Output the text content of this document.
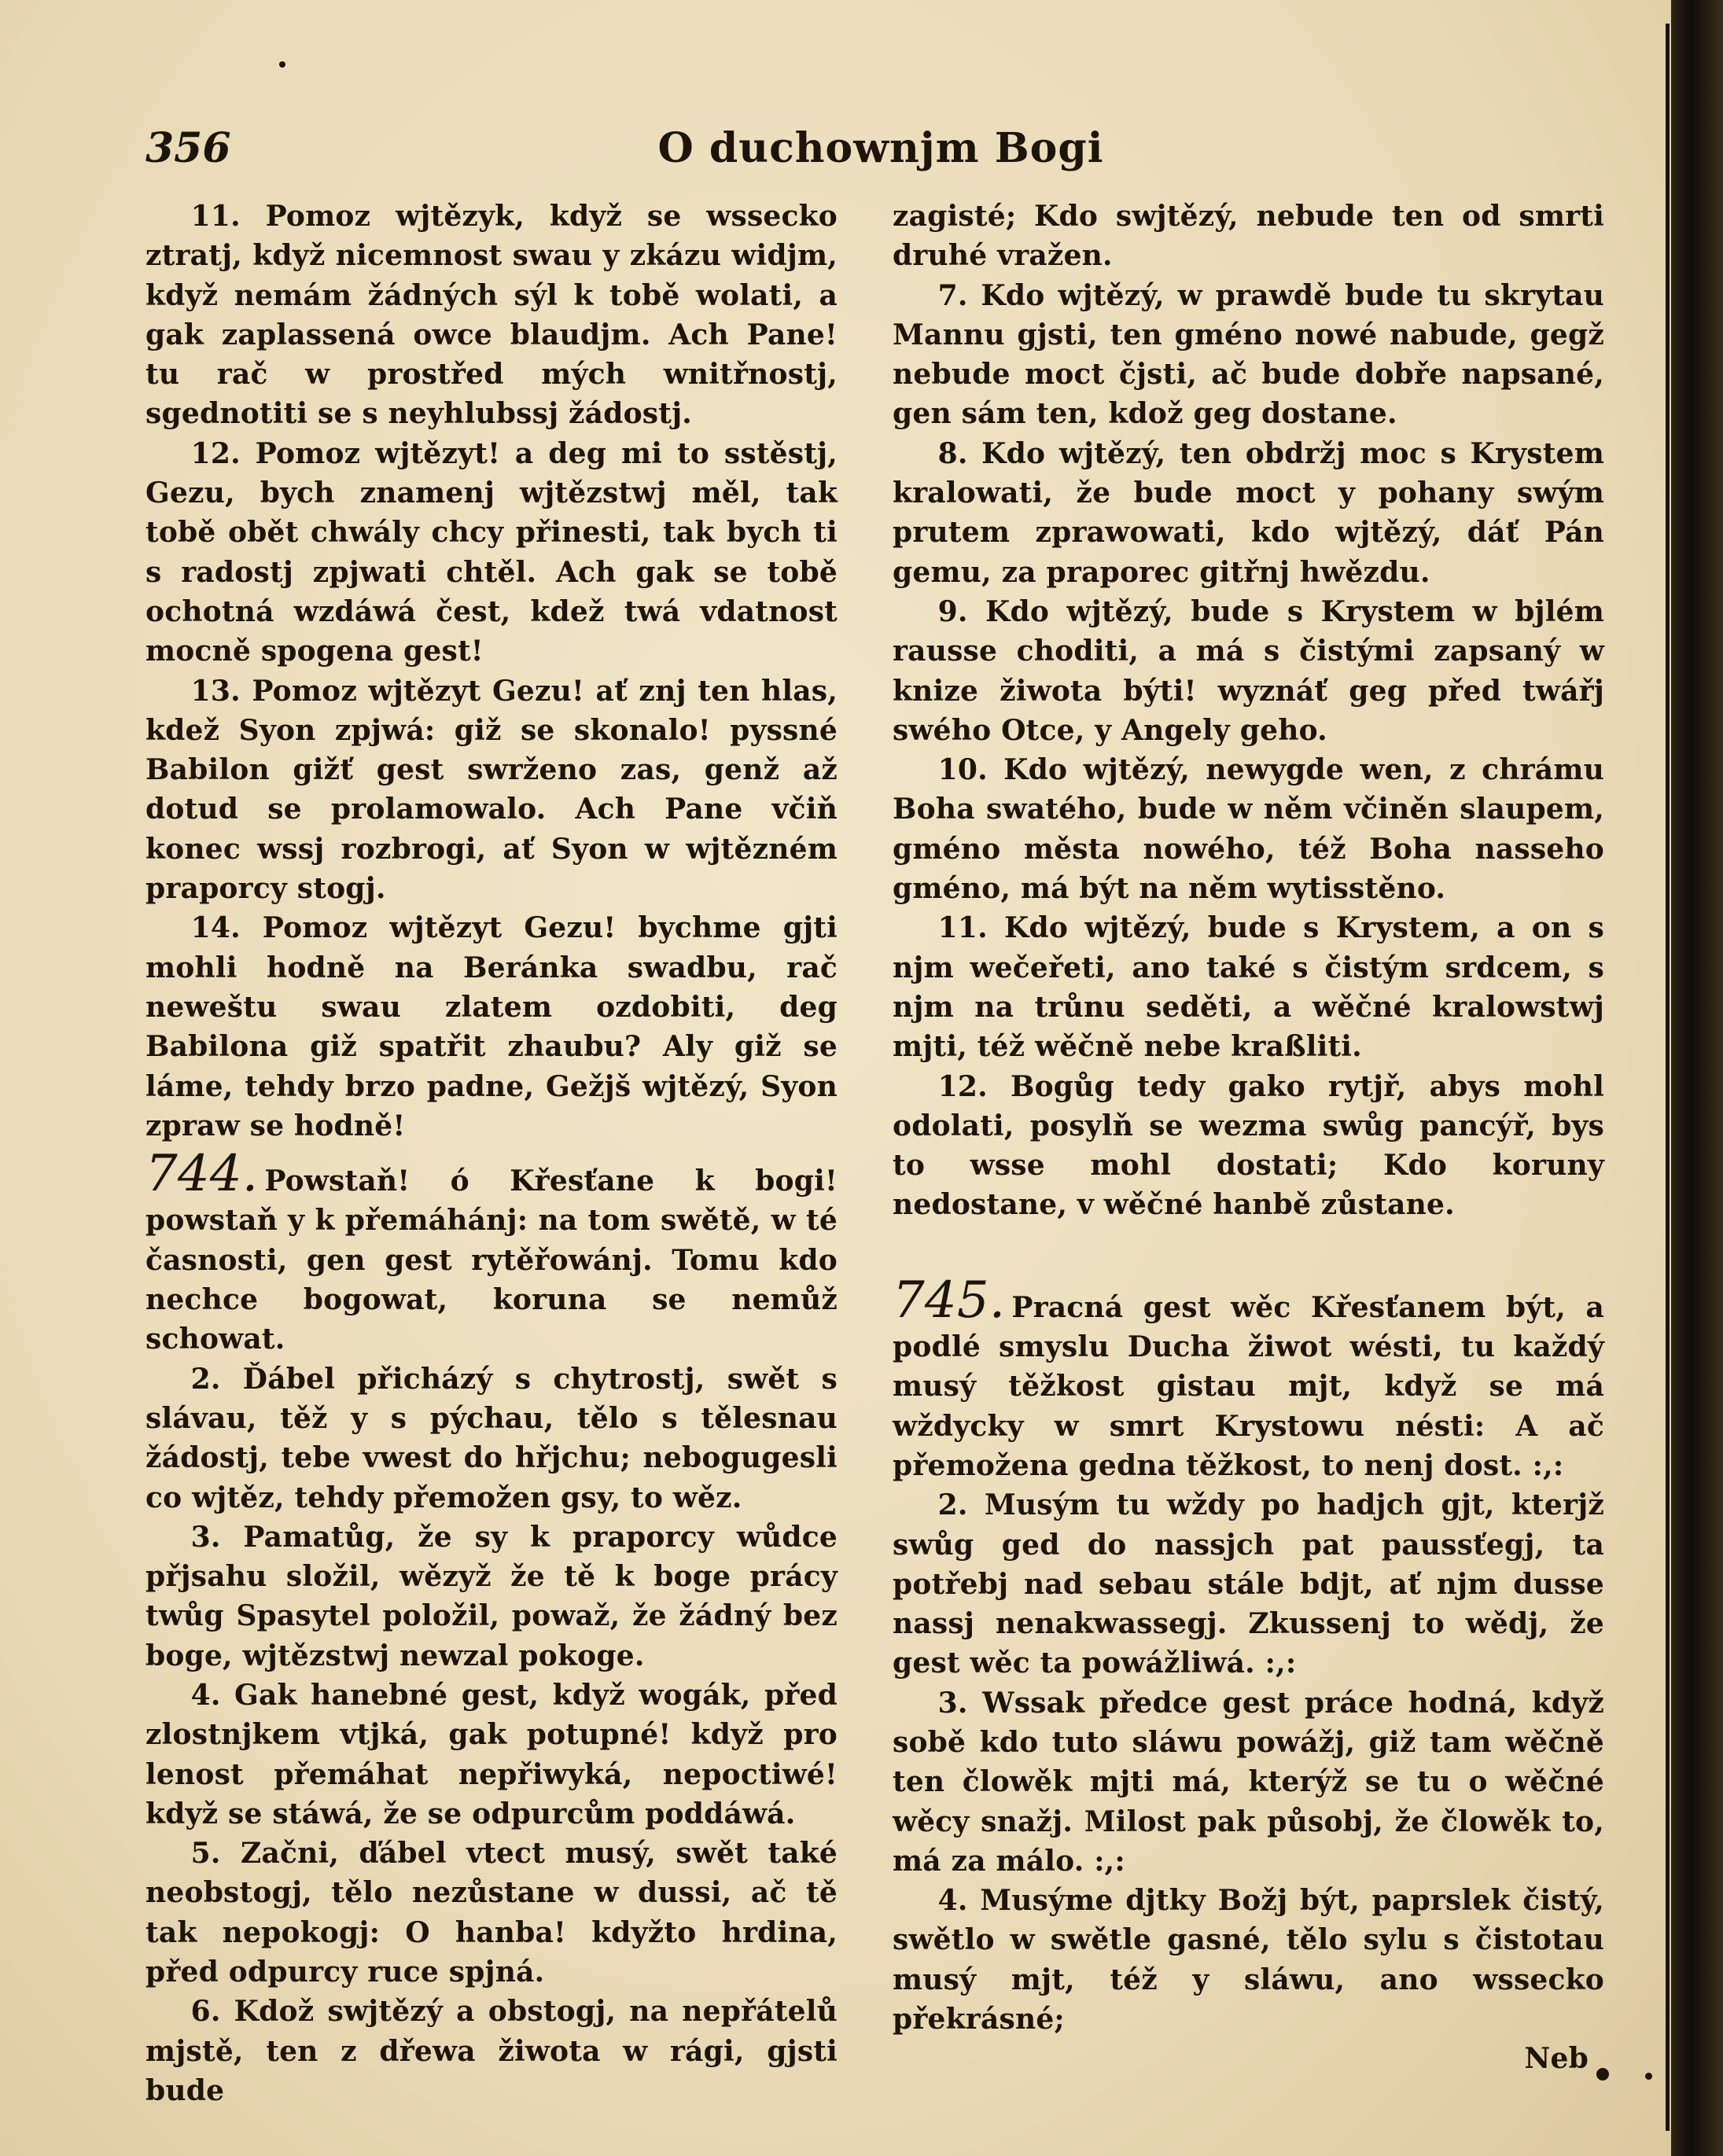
356	O duchownjm Bogi

11. Pomoz wjtězyk, když se wssecko ztratj, když nicemnost swau y zkázu widjm, když nemám žádných sýl k tobě wolati, a gak zaplassená owce blaudjm. Ach Pane! tu rač w prostřed mých wnitřnostj, sgednotiti se s neyhlubssj žádostj.

12. Pomoz wjtězyt! a deg mi to sstěstj, Gezu, bych znamenj wjtězstwj měl, tak tobě obět chwály chcy přinesti, tak bych ti s radostj zpjwati chtěl. Ach gak se tobě ochotná wzdáwá čest, kdež twá vdatnost mocně spogena gest!

13. Pomoz wjtězyt Gezu! ať znj ten hlas, kdež Syon zpjwá: giž se skonalo! pyssné Babilon gižť gest swrženo zas, genž až dotud se prolamowalo. Ach Pane včiň konec wssj rozbrogi, ať Syon w wjtězném praporcy stogj.

14. Pomoz wjtězyt Gezu! bychme gjti mohli hodně na Beránka swadbu, rač neweštu swau zlatem ozdobiti, deg Babilona giž spatřit zhaubu? Aly giž se láme, tehdy brzo padne, Gežjš wjtězý, Syon zpraw se hodně!

744. Powstaň! ó Křesťane k bogi! powstaň y k přemáhánj: na tom swětě, w té časnosti, gen gest rytěřowánj. Tomu kdo nechce bogowat, koruna se nemůž schowat.

2. Ďábel přicházý s chytrostj, swět s slávau, těž y s pýchau, tělo s tělesnau žádostj, tebe vwest do hřjchu; nebogugesli co wjtěz, tehdy přemožen gsy, to wěz.

3. Pamatůg, že sy k praporcy wůdce přjsahu složil, wězyž že tě k boge prácy twůg Spasytel položil, powaž, že žádný bez boge, wjtězstwj newzal pokoge.

4. Gak hanebné gest, když wogák, před zlostnjkem vtjká, gak potupné! když pro lenost přemáhat nepřiwyká, nepoctiwé! když se stáwá, že se odpurcům poddáwá.

5. Začni, ďábel vtect musý, swět také neobstogj, tělo nezůstane w dussi, ač tě tak nepokogj: O hanba! kdyžto hrdina, před odpurcy ruce spjná.

6. Kdož swjtězý a obstogj, na nepřátelů mjstě, ten z dřewa žiwota w rági, gjsti bude

zagisté; Kdo swjtězý, nebude ten od smrti druhé vražen.

7. Kdo wjtězý, w prawdě bude tu skrytau Mannu gjsti, ten gméno nowé nabude, gegž nebude moct čjsti, ač bude dobře napsané, gen sám ten, kdož geg dostane.

8. Kdo wjtězý, ten obdržj moc s Krystem kralowati, že bude moct y pohany swým prutem zprawowati, kdo wjtězý, dáť Pán gemu, za praporec gitřnj hwězdu.

9. Kdo wjtězý, bude s Krystem w bjlém rausse choditi, a má s čistými zapsaný w knize žiwota býti! wyznáť geg před twářj swého Otce, y Angely geho.

10. Kdo wjtězý, newygde wen, z chrámu Boha swatého, bude w něm včiněn slaupem, gméno města nowého, též Boha nasseho gméno, má být na něm wytisstěno.

11. Kdo wjtězý, bude s Krystem, a on s njm wečeřeti, ano také s čistým srdcem, s njm na trůnu seděti, a wěčné kralowstwj mjti, též wěčně nebe kraßliti.

12. Bogůg tedy gako rytjř, abys mohl odolati, posylň se wezma swůg pancýř, bys to wsse mohl dostati; Kdo koruny nedostane, v wěčné hanbě zůstane.

745. Pracná gest wěc Křesťanem být, a podlé smyslu Ducha žiwot wésti, tu každý musý těžkost gistau mjt, když se má wždycky w smrt Krystowu nésti: A ač přemožena gedna těžkost, to nenj dost. :,:

2. Musým tu wždy po hadjch gjt, kterjž swůg ged do nassjch pat paussťegj, ta potřebj nad sebau stále bdjt, ať njm dusse nassj nenakwassegj. Zkussenj to wědj, že gest wěc ta powážliwá. :,:

3. Wssak předce gest práce hodná, když sobě kdo tuto sláwu powážj, giž tam wěčně ten člowěk mjti má, kterýž se tu o wěčné wěcy snažj. Milost pak působj, že člowěk to, má za málo. :,:

4. Musýme djtky Božj být, paprslek čistý, swětlo w swětle gasné, tělo sylu s čistotau musý mjt, též y sláwu, ano wssecko překrásné;

Neb
